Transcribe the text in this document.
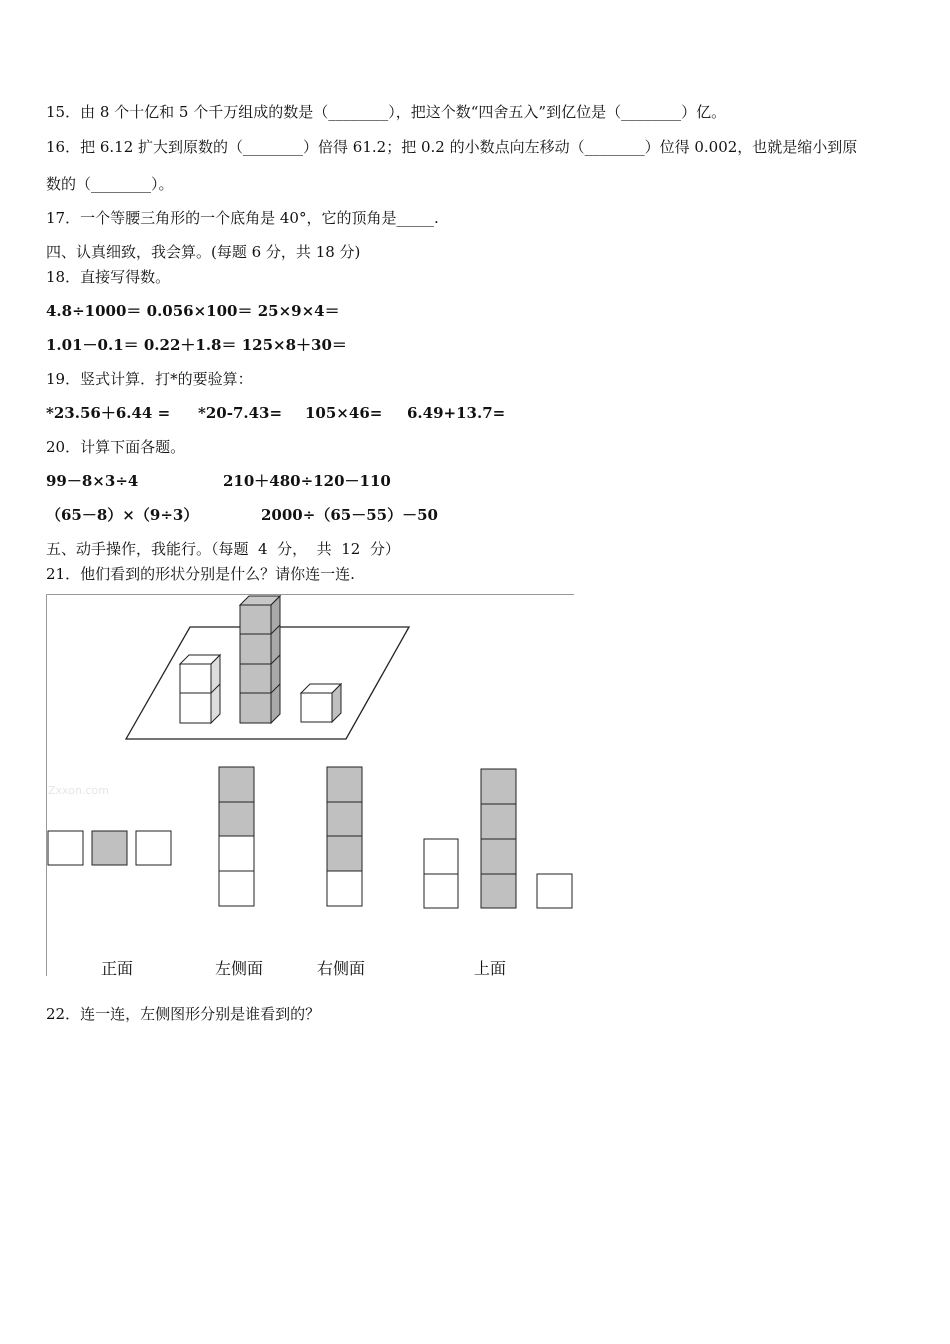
15．由 8 个十亿和 5 个千万组成的数是（________），把这个数“四舍五入”到亿位是（________）亿。
16．把 6.12 扩大到原数的（________）倍得 61.2；把 0.2 的小数点向左移动（________）位得 0.002，也就是缩小到原
数的（________）。
17．一个等腰三角形的一个底角是 40°，它的顶角是_____.
四、认真细致，我会算。(每题 6 分，共 18 分)
18．直接写得数。
4.8÷1000＝ 0.056×100＝ 25×9×4＝
1.01－0.1＝ 0.22＋1.8＝ 125×8＋30＝
19．竖式计算．打*的要验算：
*23.56＋6.44 = *20-7.43= 105×46= 6.49+13.7=
20．计算下面各题。
99－8×3÷4	210＋480÷120－110
（65－8）×（9÷3）	2000÷（65－55）－50
五、动手操作，我能行。（每题  4  分，  共  12  分）
21．他们看到的形状分别是什么？请你连一连.
Zxxon.com
正面	左侧面	右侧面	上面
22．连一连，左侧图形分别是谁看到的？
